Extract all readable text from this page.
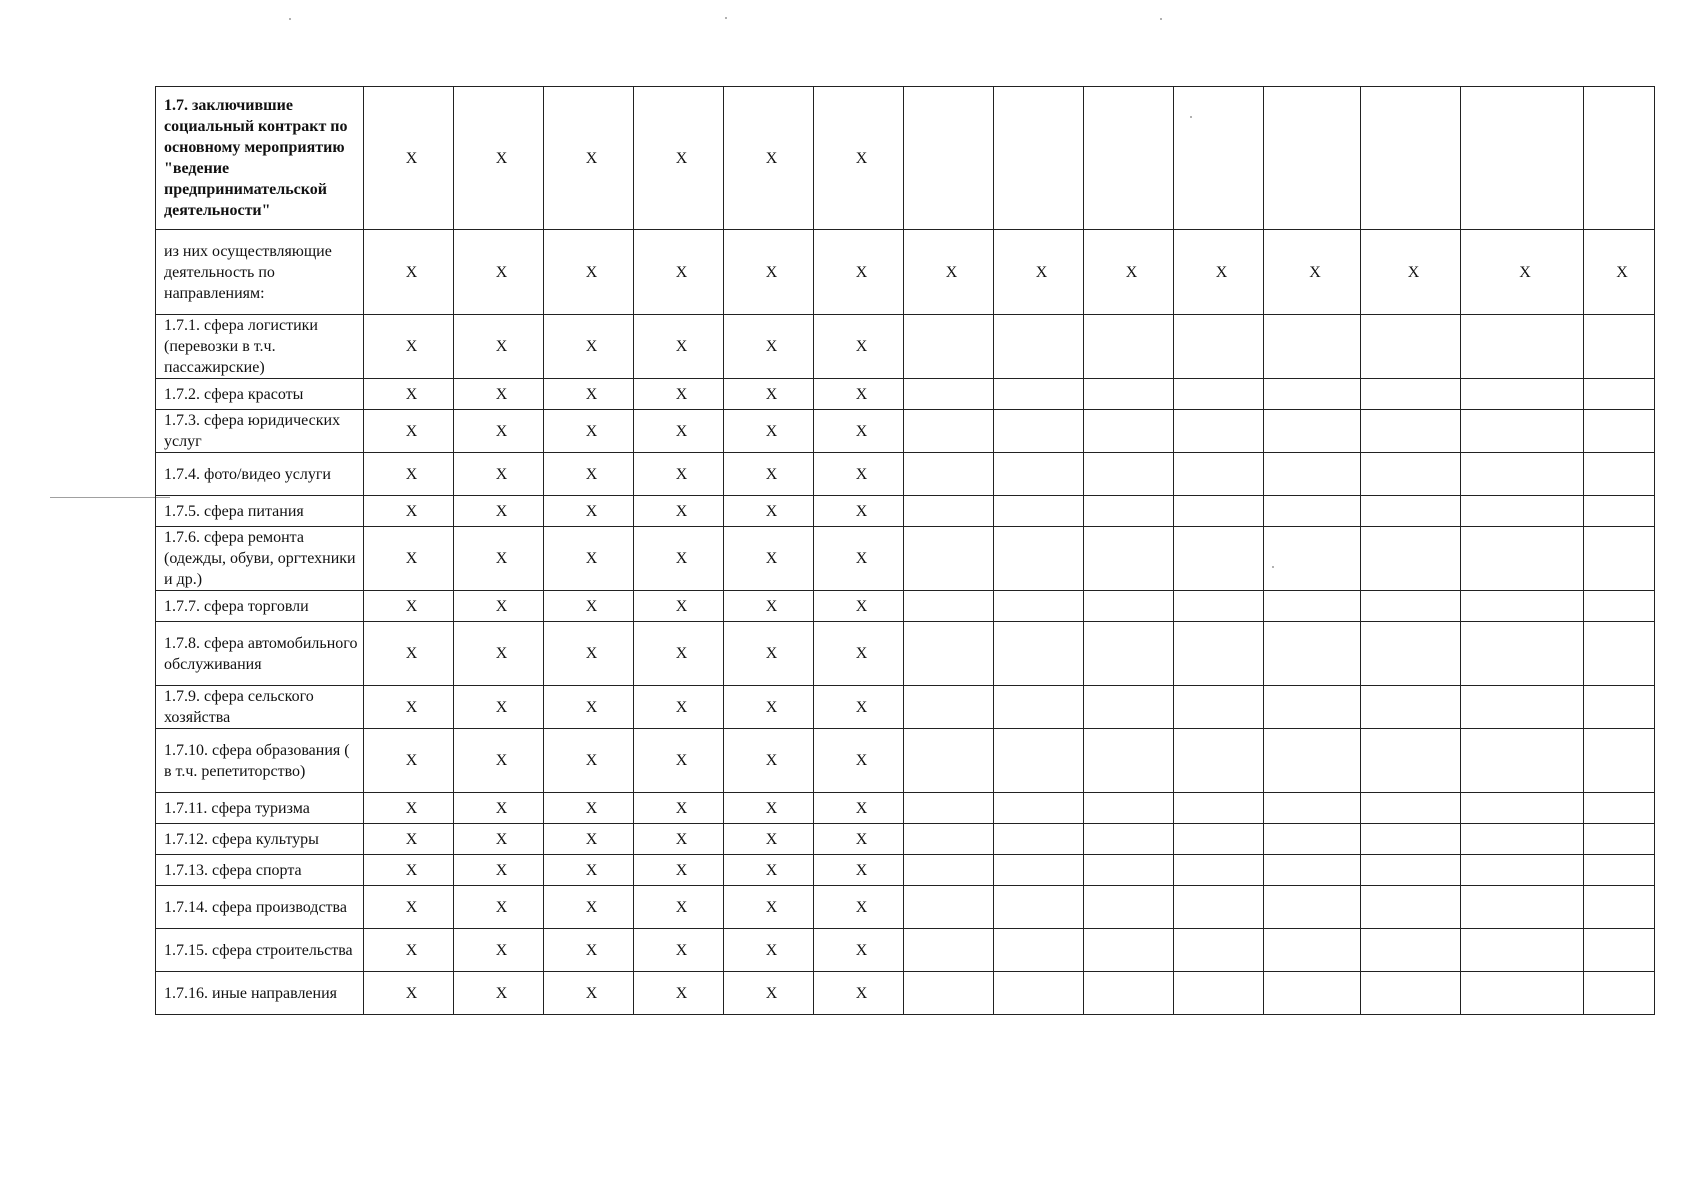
1.7. заключившие социальный контракт по основному мероприятию "ведение предпринимательской деятельности"	X	X	X	X	X	X								
из них осуществляющие деятельность по направлениям:	X	X	X	X	X	X	X	X	X	X	X	X	X	X
1.7.1. сфера логистики (перевозки в т.ч. пассажирские)	X	X	X	X	X	X								
1.7.2. сфера красоты	X	X	X	X	X	X								
1.7.3. сфера юридических услуг	X	X	X	X	X	X								
1.7.4. фото/видео услуги	X	X	X	X	X	X								
1.7.5. сфера питания	X	X	X	X	X	X								
1.7.6. сфера ремонта (одежды, обуви, оргтехники и др.)	X	X	X	X	X	X								
1.7.7. сфера торговли	X	X	X	X	X	X								
1.7.8. сфера автомобильного обслуживания	X	X	X	X	X	X								
1.7.9. сфера сельского хозяйства	X	X	X	X	X	X								
1.7.10. сфера образования ( в т.ч. репетиторство)	X	X	X	X	X	X								
1.7.11. сфера туризма	X	X	X	X	X	X								
1.7.12. сфера культуры	X	X	X	X	X	X								
1.7.13. сфера спорта	X	X	X	X	X	X								
1.7.14. сфера производства	X	X	X	X	X	X								
1.7.15. сфера строительства	X	X	X	X	X	X								
1.7.16. иные направления	X	X	X	X	X	X								
